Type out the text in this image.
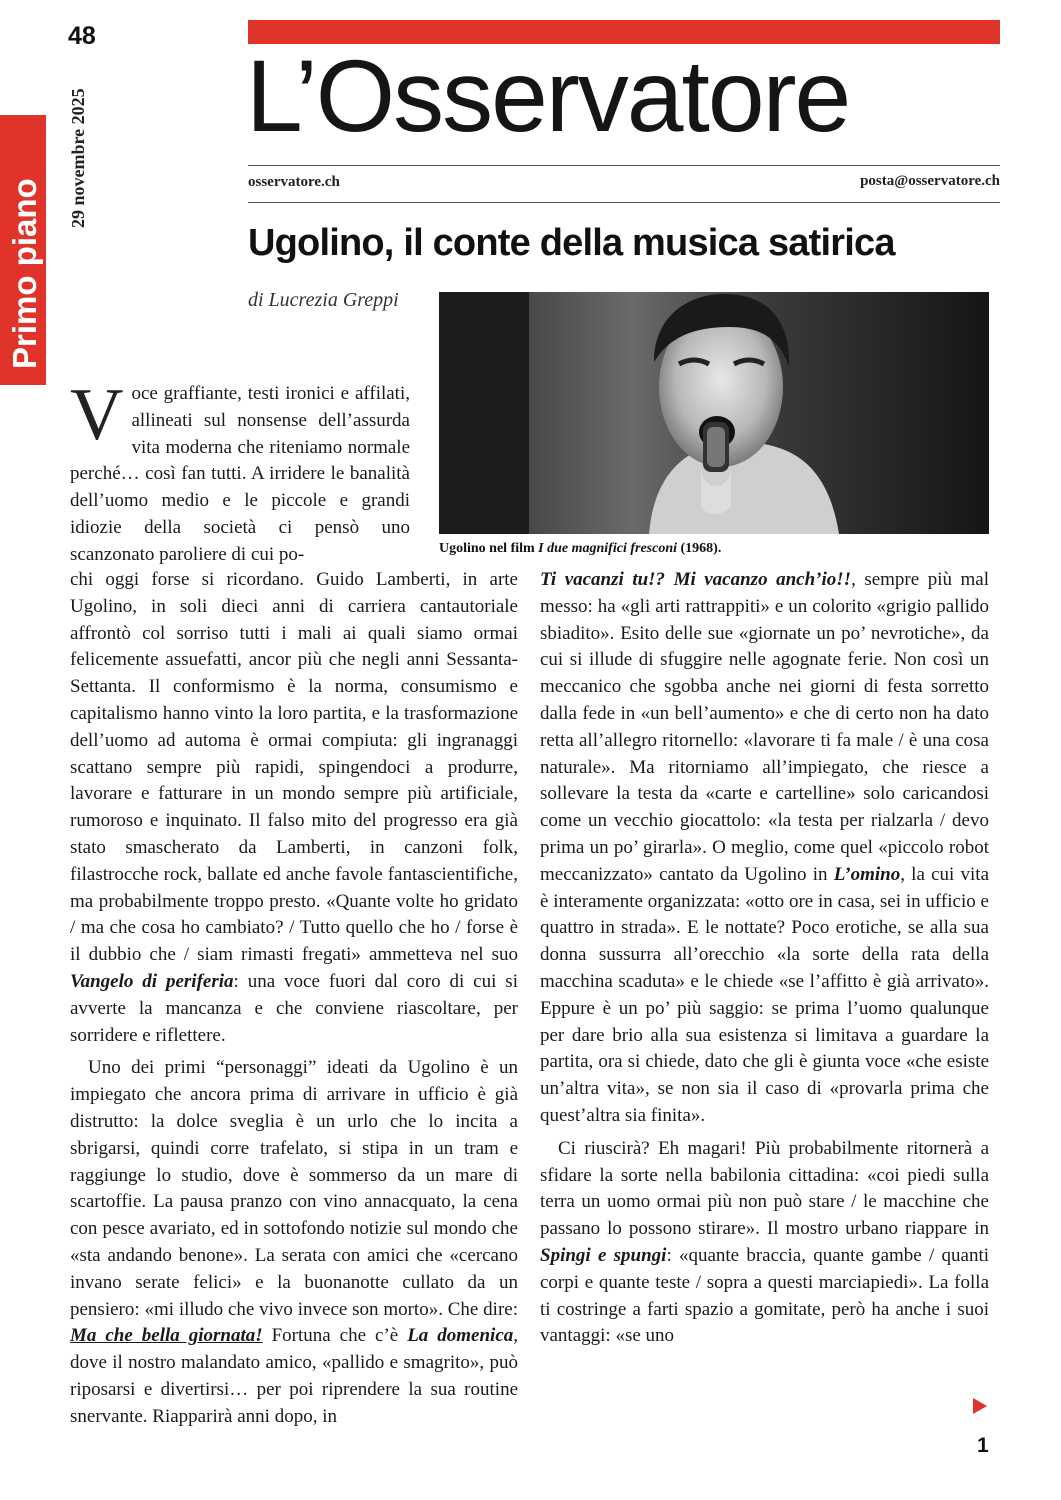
48
29 novembre 2025
Primo piano
L’Osservatore
osservatore.ch	posta@osservatore.ch
Ugolino, il conte della musica satirica
di Lucrezia Greppi
Ugolino nel film I due magnifici fresconi (1968).
Voce graffiante, testi ironici e affilati, allineati sul nonsense dell’assurda vita moderna che riteniamo normale perché… così fan tutti. A irridere le banalità dell’uomo medio e le piccole e grandi idiozie della società ci pensò uno scanzonato paroliere di cui po-

chi oggi forse si ricordano. Guido Lamberti, in arte Ugolino, in soli dieci anni di carriera cantautoriale affrontò col sorriso tutti i mali ai quali siamo ormai felicemente assuefatti, ancor più che negli anni Sessanta-Settanta. Il conformismo è la norma, consumismo e capitalismo hanno vinto la loro partita, e la trasformazione dell’uomo ad automa è ormai compiuta: gli ingranaggi scattano sempre più rapidi, spingendoci a produrre, lavorare e fatturare in un mondo sempre più artificiale, rumoroso e inquinato. Il falso mito del progresso era già stato smascherato da Lamberti, in canzoni folk, filastrocche rock, ballate ed anche favole fantascientifiche, ma probabilmente troppo presto. «Quante volte ho gridato / ma che cosa ho cambiato? / Tutto quello che ho / forse è il dubbio che / siam rimasti fregati» ammetteva nel suo Vangelo di periferia: una voce fuori dal coro di cui si avverte la mancanza e che conviene riascoltare, per sorridere e riflettere.

Uno dei primi “personaggi” ideati da Ugolino è un impiegato che ancora prima di arrivare in ufficio è già distrutto: la dolce sveglia è un urlo che lo incita a sbrigarsi, quindi corre trafelato, si stipa in un tram e raggiunge lo studio, dove è sommerso da un mare di scartoffie. La pausa pranzo con vino annacquato, la cena con pesce avariato, ed in sottofondo notizie sul mondo che «sta andando benone». La serata con amici che «cercano invano serate felici» e la buonanotte cullato da un pensiero: «mi illudo che vivo invece son morto». Che dire: Ma che bella giornata! Fortuna che c’è La domenica, dove il nostro malandato amico, «pallido e smagrito», può riposarsi e divertirsi… per poi riprendere la sua routine snervante. Riapparirà anni dopo, in

Ti vacanzi tu!? Mi vacanzo anch’io!!, sempre più mal messo: ha «gli arti rattrappiti» e un colorito «grigio pallido sbiadito». Esito delle sue «giornate un po’ nevrotiche», da cui si illude di sfuggire nelle agognate ferie. Non così un meccanico che sgobba anche nei giorni di festa sorretto dalla fede in «un bell’aumento» e che di certo non ha dato retta all’allegro ritornello: «lavorare ti fa male / è una cosa naturale». Ma ritorniamo all’impiegato, che riesce a sollevare la testa da «carte e cartelline» solo caricandosi come un vecchio giocattolo: «la testa per rialzarla / devo prima un po’ girarla». O meglio, come quel «piccolo robot meccanizzato» cantato da Ugolino in L’omino, la cui vita è interamente organizzata: «otto ore in casa, sei in ufficio e quattro in strada». E le nottate? Poco erotiche, se alla sua donna sussurra all’orecchio «la sorte della rata della macchina scaduta» e le chiede «se l’affitto è già arrivato». Eppure è un po’ più saggio: se prima l’uomo qualunque per dare brio alla sua esistenza si limitava a guardare la partita, ora si chiede, dato che gli è giunta voce «che esiste un’altra vita», se non sia il caso di «provarla prima che quest’altra sia finita».

Ci riuscirà? Eh magari! Più probabilmente ritornerà a sfidare la sorte nella babilonia cittadina: «coi piedi sulla terra un uomo ormai più non può stare / le macchine che passano lo possono stirare». Il mostro urbano riappare in Spingi e spungi: «quante braccia, quante gambe / quanti corpi e quante teste / sopra a questi marciapiedi». La folla ti costringe a farti spazio a gomitate, però ha anche i suoi vantaggi: «se uno

1
